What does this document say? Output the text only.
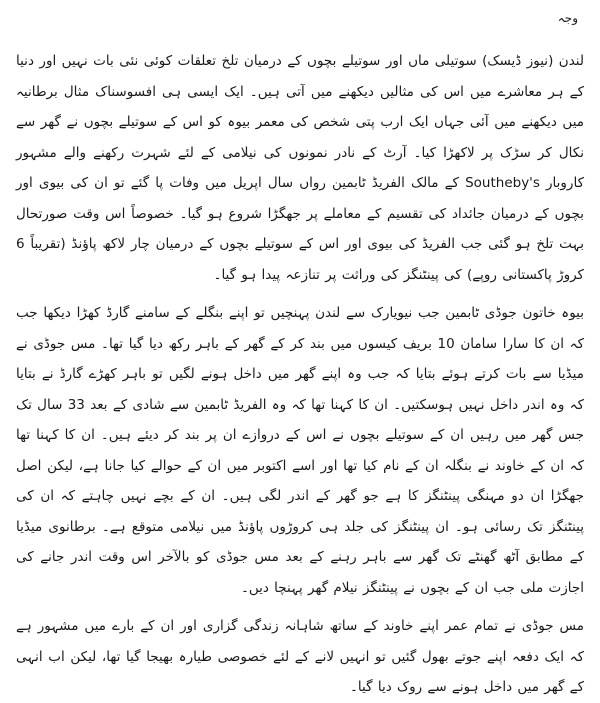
وجہ

لندن (نیوز ڈیسک) سوتیلی ماں اور سوتیلے بچوں کے درمیان تلخ تعلقات کوئی نئی بات نہیں اور دنیا کے ہر معاشرے میں اس کی مثالیں دیکھنے میں آتی ہیں۔ ایک ایسی ہی افسوسناک مثال برطانیہ میں دیکھنے میں آئی جہاں ایک ارب پتی شخص کی معمر بیوہ کو اس کے سوتیلے بچوں نے گھر سے نکال کر سڑک پر لاکھڑا کیا۔ آرٹ کے نادر نمونوں کی نیلامی کے لئے شہرت رکھنے والے مشہور کاروبار Southeby's کے مالک الفریڈ ٹابمین رواں سال اپریل میں وفات پا گئے تو ان کی بیوی اور بچوں کے درمیان جائداد کی تقسیم کے معاملے پر جھگڑا شروع ہو گیا۔ خصوصاً اس وقت صورتحال بہت تلخ ہو گئی جب الفریڈ کی بیوی اور اس کے سوتیلے بچوں کے درمیان چار لاکھ پاؤنڈ (تقریباً 6 کروڑ پاکستانی روپے) کی پینٹنگز کی وراثت پر تنازعہ پیدا ہو گیا۔

بیوہ خاتون جوڈی ٹابمین جب نیویارک سے لندن پہنچیں تو اپنے بنگلے کے سامنے گارڈ کھڑا دیکھا جب کہ ان کا سارا سامان 10 بریف کیسوں میں بند کر کے گھر کے باہر رکھ دیا گیا تھا۔ مس جوڈی نے میڈیا سے بات کرتے ہوئے بتایا کہ جب وہ اپنے گھر میں داخل ہونے لگیں تو باہر کھڑے گارڈ نے بتایا کہ وہ اندر داخل نہیں ہوسکتیں۔ ان کا کہنا تھا کہ وہ الفریڈ ٹابمین سے شادی کے بعد 33 سال تک جس گھر میں رہیں ان کے سوتیلے بچوں نے اس کے دروازے ان پر بند کر دیئے ہیں۔ ان کا کہنا تھا کہ ان کے خاوند نے بنگلہ ان کے نام کیا تھا اور اسے اکتوبر میں ان کے حوالے کیا جانا ہے، لیکن اصل جھگڑا ان دو مہنگی پینٹنگز کا ہے جو گھر کے اندر لگی ہیں۔ ان کے بچے نہیں چاہتے کہ ان کی پینٹنگز تک رسائی ہو۔ ان پینٹنگز کی جلد ہی کروڑوں پاؤنڈ میں نیلامی متوقع ہے۔ برطانوی میڈیا کے مطابق آٹھ گھنٹے تک گھر سے باہر رہنے کے بعد مس جوڈی کو بالآخر اس وقت اندر جانے کی اجازت ملی جب ان کے بچوں نے پینٹنگز نیلام گھر پہنچا دیں۔

مس جوڈی نے تمام عمر اپنے خاوند کے ساتھ شاہانہ زندگی گزاری اور ان کے بارے میں مشہور ہے کہ ایک دفعہ اپنے جوتے بھول گئیں تو انہیں لانے کے لئے خصوصی طیارہ بھیجا گیا تھا، لیکن اب انہی کے گھر میں داخل ہونے سے روک دیا گیا۔
